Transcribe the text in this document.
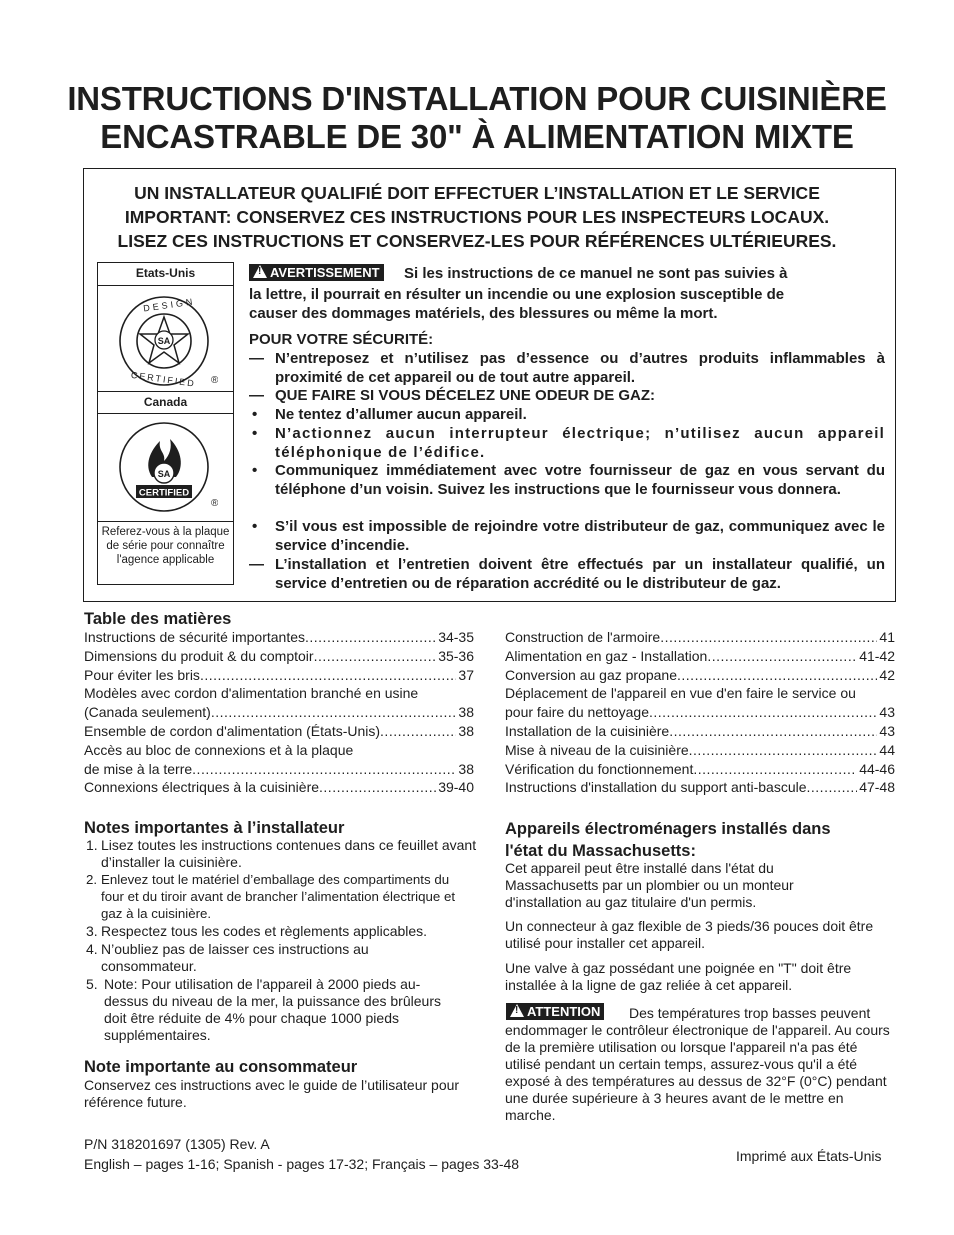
INSTRUCTIONS D'INSTALLATION POUR CUISINIÈRE
ENCASTRABLE DE 30" À ALIMENTATION MIXTE
UN INSTALLATEUR QUALIFIÉ DOIT EFFECTUER L’INSTALLATION ET LE SERVICE
IMPORTANT: CONSERVEZ CES INSTRUCTIONS POUR LES INSPECTEURS LOCAUX.
LISEZ CES INSTRUCTIONS ET CONSERVEZ-LES POUR RÉFÉRENCES ULTÉRIEURES.
Etats-Unis
SA
DESIGN
CERTIFIED ®
Canada
SA
CERTIFIED
®
Referez-vous à la plaque de série pour connaître l'agence applicable
! AVERTISSEMENT Si les instructions de ce manuel ne sont pas suivies à
la lettre, il pourrait en résulter un incendie ou une explosion susceptible de
causer des dommages matériels, des blessures ou même la mort.
POUR VOTRE SÉCURITÉ:
— N’entreposez et n’utilisez pas d’essence ou d’autres produits inflammables à proximité de cet appareil ou de tout autre appareil.
— QUE FAIRE SI VOUS DÉCELEZ UNE ODEUR DE GAZ:
•	Ne tentez d’allumer aucun appareil.
•	N’actionnez aucun interrupteur électrique; n’utilisez aucun appareil téléphonique de l’édifice.
•	Communiquez immédiatement avec votre fournisseur de gaz en vous servant du téléphone d’un voisin. Suivez les instructions que le fournisseur vous donnera.
•	S’il vous est impossible de rejoindre votre distributeur de gaz, communiquez avec le service d’incendie.
— L’installation et l’entretien doivent être effectués par un installateur qualifié, un service d’entretien ou de réparation accrédité ou le distributeur de gaz.
Table des matières
Notes importantes à l’installateur
1. Lisez toutes les instructions contenues dans ce feuillet avant d’installer la cuisinière.
2. Enlevez tout le matériel d’emballage des compartiments du four et du tiroir avant de brancher l’alimentation électrique et gaz à la cuisinière.
3. Respectez tous les codes et règlements applicables.
4. N’oubliez pas de laisser ces instructions au consommateur.
5. Note: Pour utilisation de l'appareil à 2000 pieds au-dessus du niveau de la mer, la puissance des brûleurs doit être réduite de 4% pour chaque 1000 pieds supplémentaires.
Note importante au consommateur
Conservez ces instructions avec le guide de l’utilisateur pour référence future.
Appareils électroménagers installés dans
l'état du Massachusetts:
Cet appareil peut être installé dans l'état du Massachusetts par un plombier ou un monteur d'installation au gaz titulaire d'un permis.
Un connecteur à gaz flexible de 3 pieds/36 pouces doit être utilisé pour installer cet appareil.
Une valve à gaz possédant une poignée en "T" doit être installée à la ligne de gaz reliée à cet appareil.
! ATTENTION Des températures trop basses peuvent
endommager le contrôleur électronique de l'appareil. Au cours de la première utilisation ou lorsque l'appareil n'a pas été utilisé pendant un certain temps, assurez-vous qu'il a été exposé à des températures au dessus de 32°F (0°C) pendant une durée supérieure à 3 heures avant de le mettre en marche.
P/N 318201697 (1305) Rev. A
English – pages 1-16; Spanish - pages 17-32; Français – pages 33-48	Imprimé aux États-Unis
Instructions de sécurité importantes .....	34-35
Dimensions du produit & du comptoir .....	35-36
Pour éviter les bris .....	37
Modèles avec cordon d'alimentation branché en usine
(Canada seulement) .....	38
Ensemble de cordon d'alimentation (États-Unis) .....	38
Accès au bloc de connexions et à la plaque
de mise à la terre .....	38
Connexions électriques à la cuisinière .....	39-40
Construction de l'armoire .....	41
Alimentation en gaz - Installation .....	41-42
Conversion au gaz propane .....	42
Déplacement de l'appareil en vue d'en faire le service ou
pour faire du nettoyage .....	43
Installation de la cuisinière .....	43
Mise à niveau de la cuisinière .....	44
Vérification du fonctionnement .....	44-46
Instructions d'installation du support anti-bascule .....	47-48
